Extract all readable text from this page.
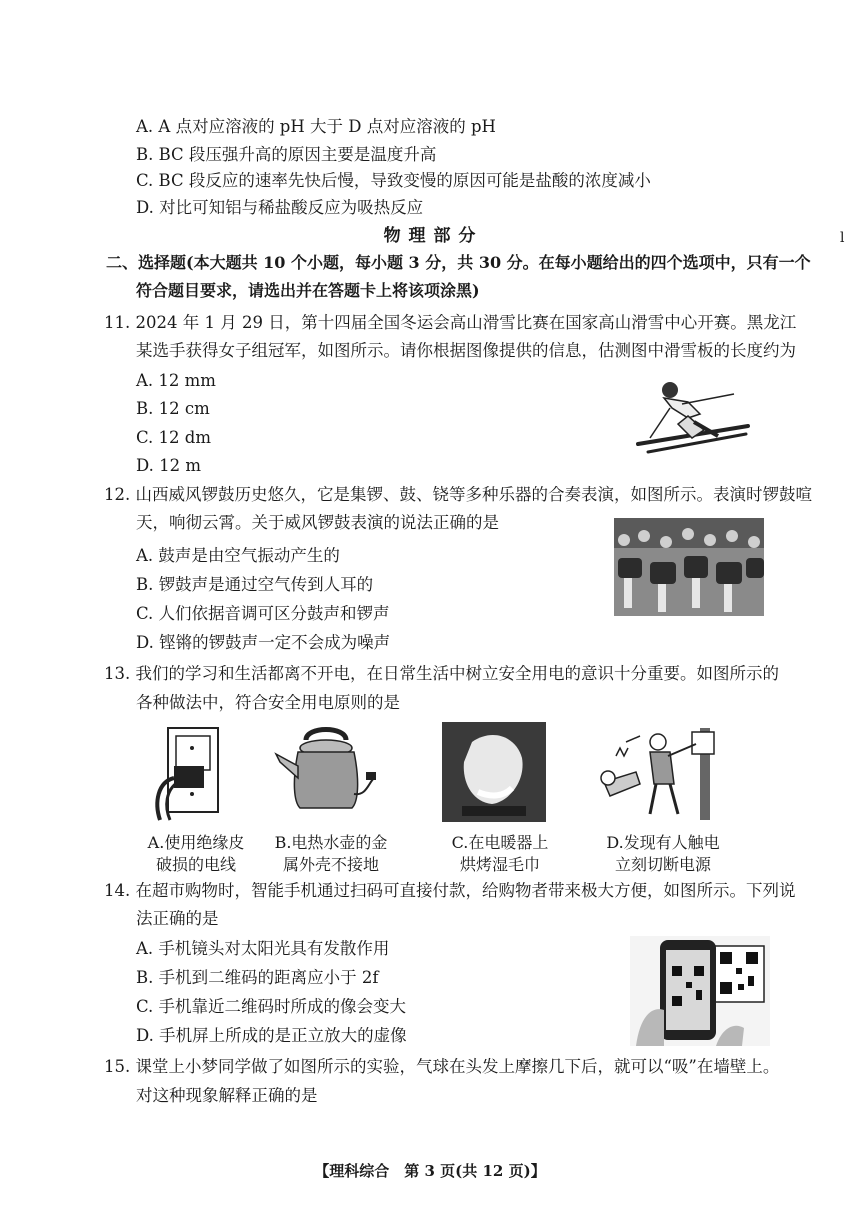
A. A 点对应溶液的 pH 大于 D 点对应溶液的 pH
B. BC 段压强升高的原因主要是温度升高
C. BC 段反应的速率先快后慢，导致变慢的原因可能是盐酸的浓度减小
D. 对比可知铝与稀盐酸反应为吸热反应
物 理 部 分	l
二、选择题(本大题共 10 个小题，每小题 3 分，共 30 分。在每小题给出的四个选项中，只有一个
符合题目要求，请选出并在答题卡上将该项涂黑)
11. 2024 年 1 月 29 日，第十四届全国冬运会高山滑雪比赛在国家高山滑雪中心开赛。黑龙江
某选手获得女子组冠军，如图所示。请你根据图像提供的信息，估测图中滑雪板的长度约为
A. 12 mm
B. 12 cm
C. 12 dm
D. 12 m
12. 山西威风锣鼓历史悠久，它是集锣、鼓、铙等多种乐器的合奏表演，如图所示。表演时锣鼓喧
天，响彻云霄。关于威风锣鼓表演的说法正确的是
A. 鼓声是由空气振动产生的
B. 锣鼓声是通过空气传到人耳的
C. 人们依据音调可区分鼓声和锣声
D. 铿锵的锣鼓声一定不会成为噪声
13. 我们的学习和生活都离不开电，在日常生活中树立安全用电的意识十分重要。如图所示的
各种做法中，符合安全用电原则的是
A.使用绝缘皮
破损的电线
B.电热水壶的金
属外壳不接地
C.在电暖器上
烘烤湿毛巾
D.发现有人触电
立刻切断电源
14. 在超市购物时，智能手机通过扫码可直接付款，给购物者带来极大方便，如图所示。下列说
法正确的是
A. 手机镜头对太阳光具有发散作用
B. 手机到二维码的距离应小于 2f
C. 手机靠近二维码时所成的像会变大
D. 手机屏上所成的是正立放大的虚像
15. 课堂上小梦同学做了如图所示的实验，气球在头发上摩擦几下后，就可以“吸”在墙壁上。
对这种现象解释正确的是
【理科综合　第 3 页(共 12 页)】
